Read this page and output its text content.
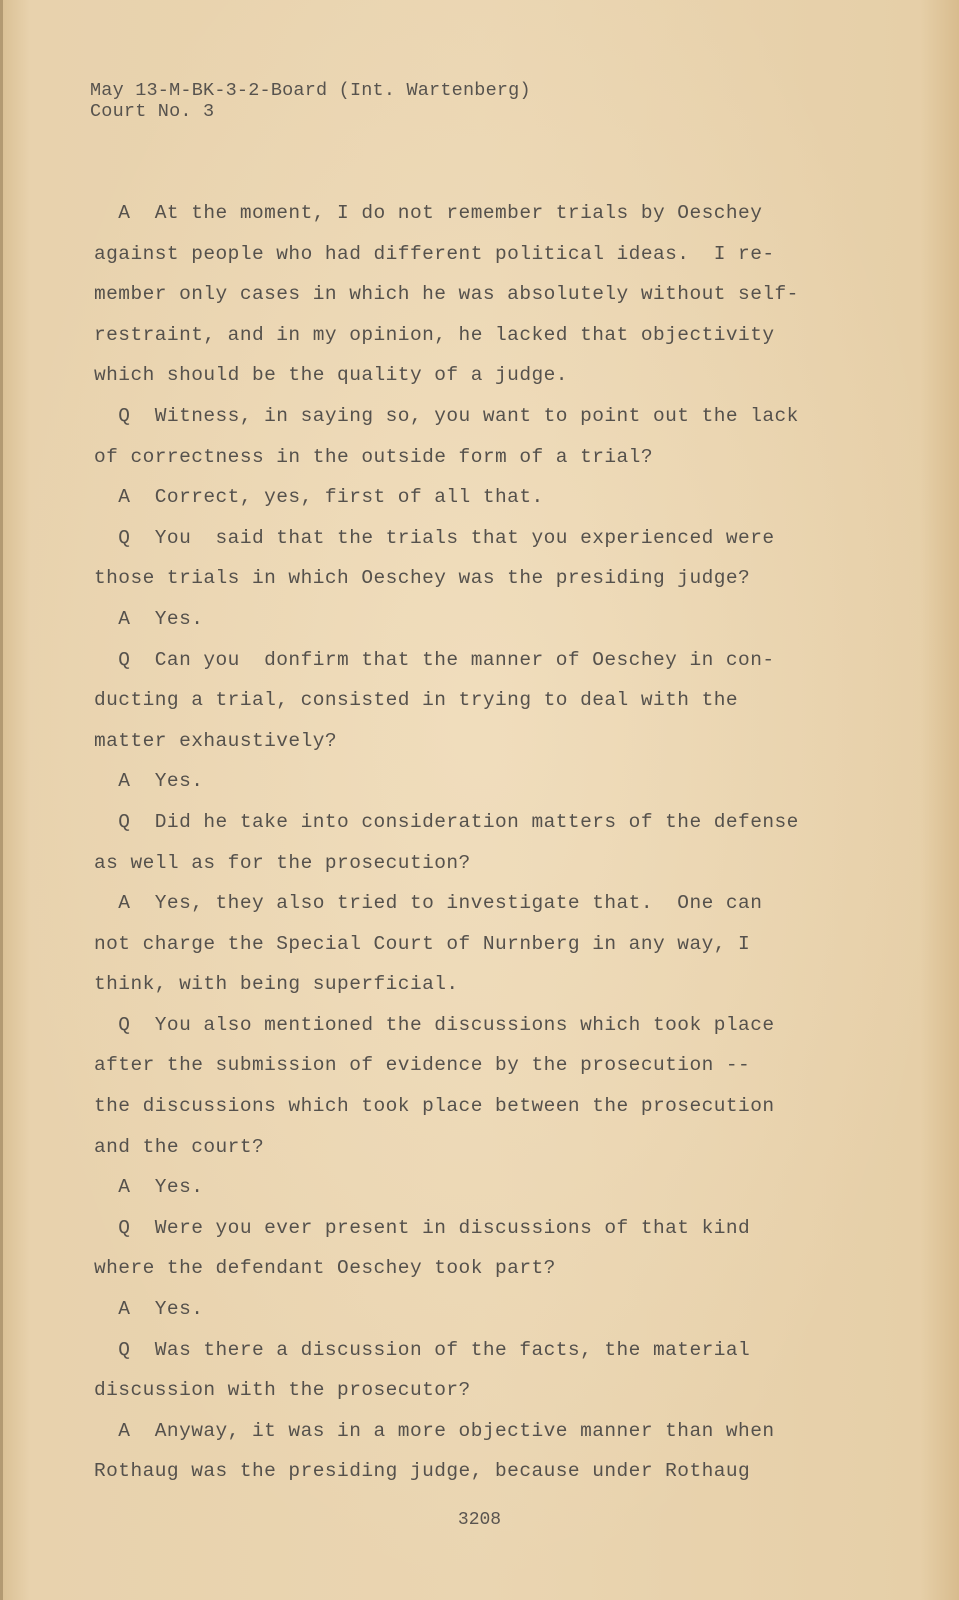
May 13-M-BK-3-2-Board (Int. Wartenberg)
Court No. 3
A  At the moment, I do not remember trials by Oeschey
against people who had different political ideas.  I re-
member only cases in which he was absolutely without self-
restraint, and in my opinion, he lacked that objectivity
which should be the quality of a judge.
Q  Witness, in saying so, you want to point out the lack
of correctness in the outside form of a trial?
A  Correct, yes, first of all that.
Q  You  said that the trials that you experienced were
those trials in which Oeschey was the presiding judge?
A  Yes.
Q  Can you  donfirm that the manner of Oeschey in con-
ducting a trial, consisted in trying to deal with the
matter exhaustively?
A  Yes.
Q  Did he take into consideration matters of the defense
as well as for the prosecution?
A  Yes, they also tried to investigate that.  One can
not charge the Special Court of Nurnberg in any way, I
think, with being superficial.
Q  You also mentioned the discussions which took place
after the submission of evidence by the prosecution --
the discussions which took place between the prosecution
and the court?
A  Yes.
Q  Were you ever present in discussions of that kind
where the defendant Oeschey took part?
A  Yes.
Q  Was there a discussion of the facts, the material
discussion with the prosecutor?
A  Anyway, it was in a more objective manner than when
Rothaug was the presiding judge, because under Rothaug
3208
